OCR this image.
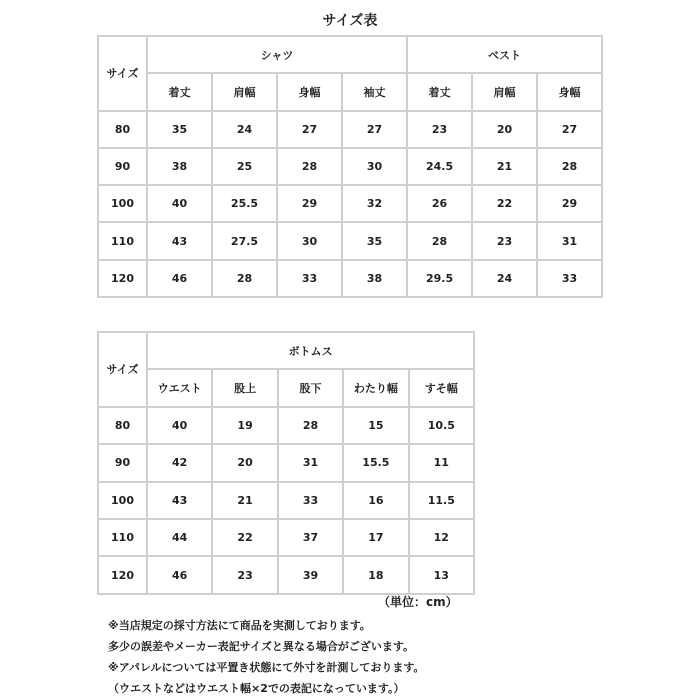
サイズ表
サイズ	シャツ				ベスト		
	着丈	肩幅	身幅	袖丈	着丈	肩幅	身幅
80	35	24	27	27	23	20	27
90	38	25	28	30	24.5	21	28
100	40	25.5	29	32	26	22	29
110	43	27.5	30	35	28	23	31
120	46	28	33	38	29.5	24	33
サイズ	ボトムス				
	ウエスト	股上	股下	わたり幅	すそ幅
80	40	19	28	15	10.5
90	42	20	31	15.5	11
100	43	21	33	16	11.5
110	44	22	37	17	12
120	46	23	39	18	13
（単位：cm）
※当店規定の採寸方法にて商品を実測しております。
多少の誤差やメーカー表記サイズと異なる場合がございます。
※アパレルについては平置き状態にて外寸を計測しております。
（ウエストなどはウエスト幅×2での表記になっています。）
